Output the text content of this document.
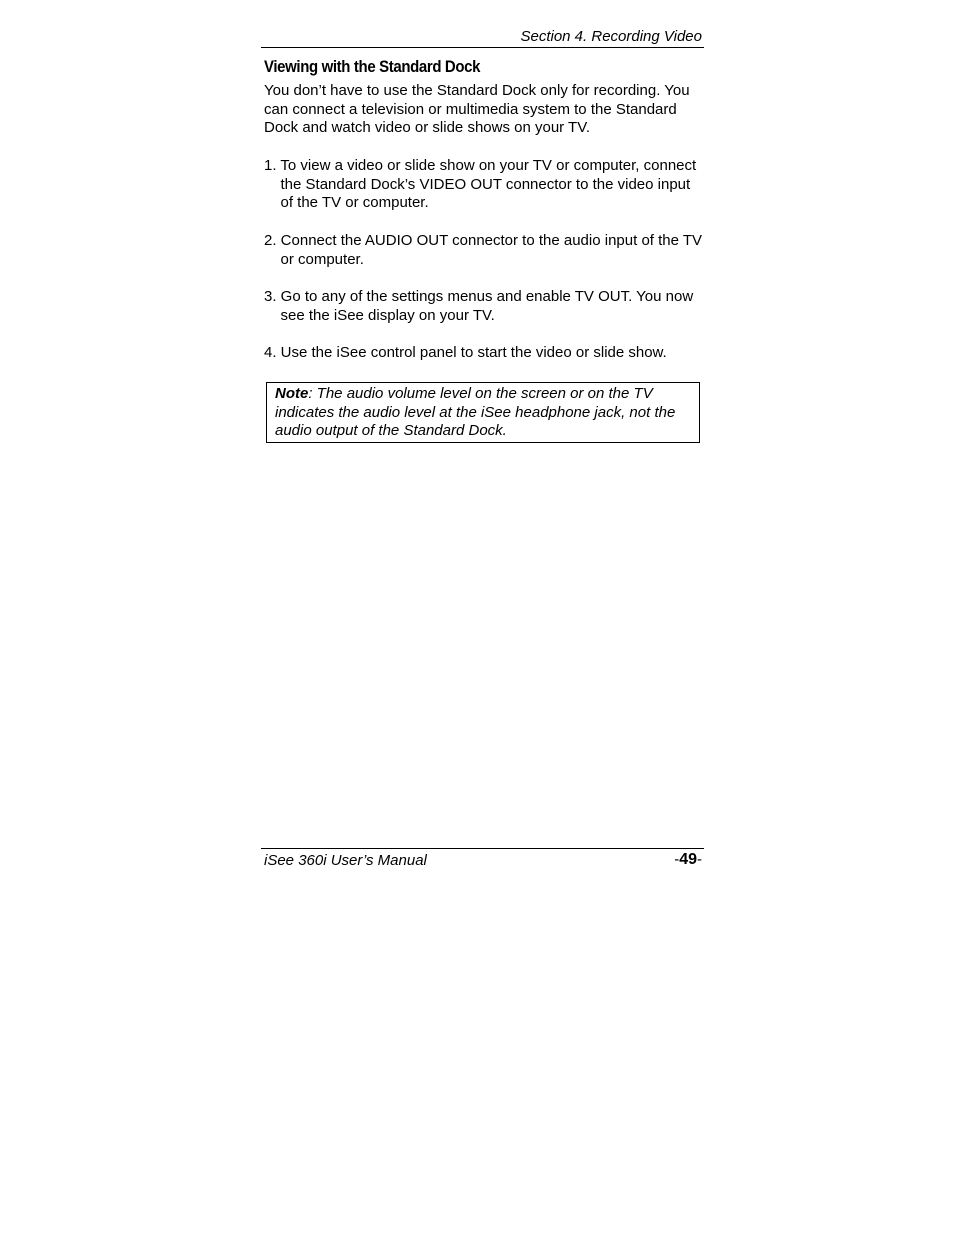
Section 4. Recording Video
Viewing with the Standard Dock

You don’t have to use the Standard Dock only for recording. You can connect a television or multimedia system to the Standard Dock and watch video or slide shows on your TV.

1. To view a video or slide show on your TV or computer, connect the Standard Dock’s VIDEO OUT connector to the video input of the TV or computer.

2. Connect the AUDIO OUT connector to the audio input of the TV or computer.

3. Go to any of the settings menus and enable TV OUT. You now see the iSee display on your TV.

4. Use the iSee control panel to start the video or slide show.

Note: The audio volume level on the screen or on the TV indicates the audio level at the iSee headphone jack, not the audio output of the Standard Dock.
iSee 360i User’s Manual	-49-
